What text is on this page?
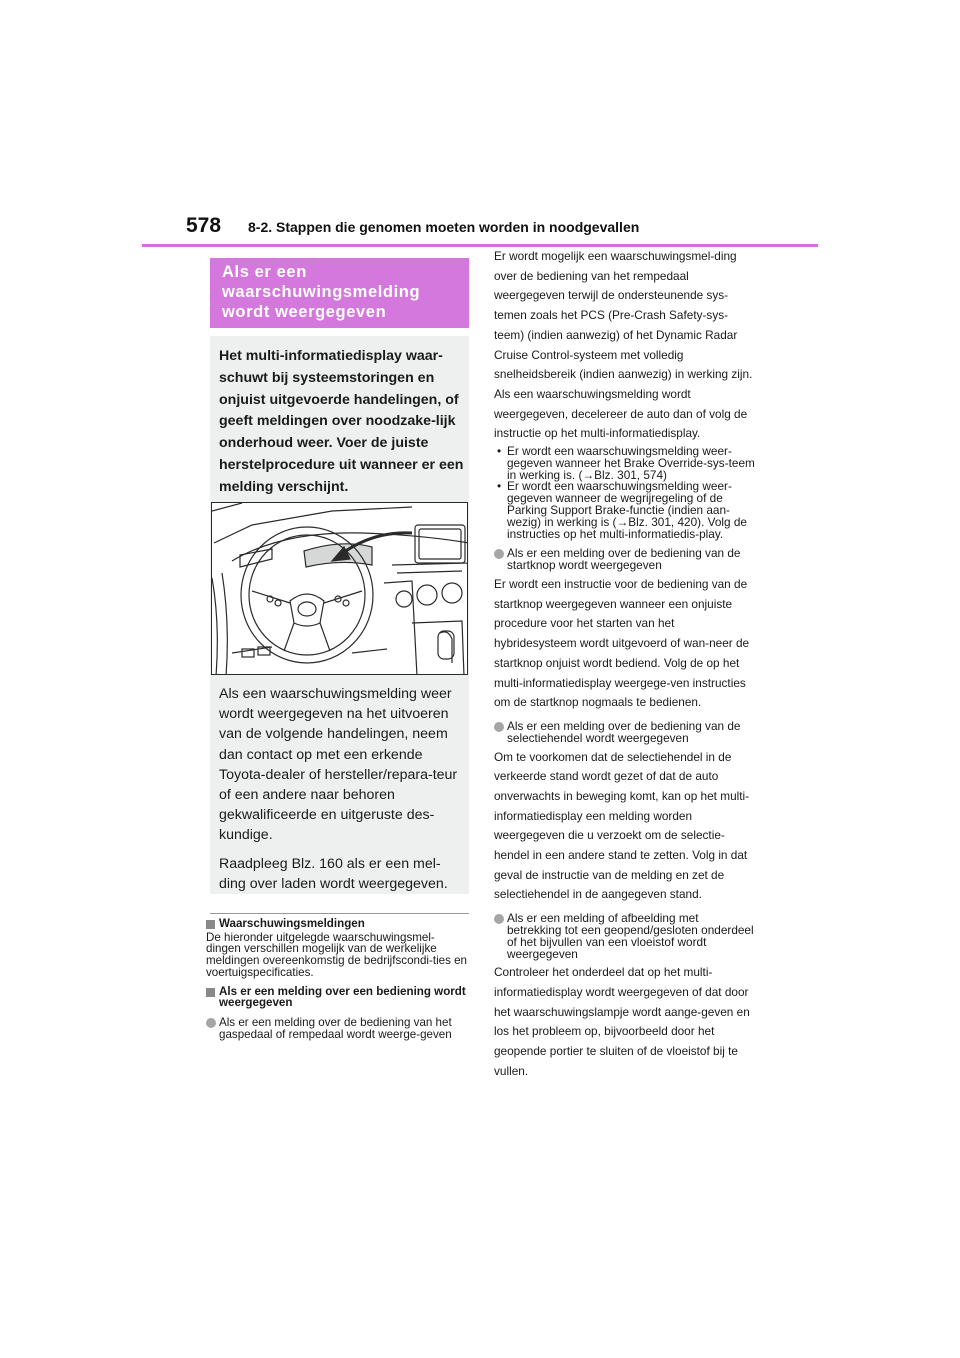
578 8-2. Stappen die genomen moeten worden in noodgevallen
Als er een waarschuwingsmelding wordt weergegeven
Het multi-informatiedisplay waar-schuwt bij systeemstoringen en onjuist uitgevoerde handelingen, of geeft meldingen over noodzake-lijk onderhoud weer. Voer de juiste herstelprocedure uit wanneer er een melding verschijnt.

Als een waarschuwingsmelding weer wordt weergegeven na het uitvoeren van de volgende handelingen, neem dan contact op met een erkende Toyota-dealer of hersteller/repara-teur of een andere naar behoren gekwalificeerde en uitgeruste des-kundige.

Raadpleeg Blz. 160 als er een mel-ding over laden wordt weergegeven.

Waarschuwingsmeldingen

De hieronder uitgelegde waarschuwingsmel-dingen verschillen mogelijk van de werkelijke meldingen overeenkomstig de bedrijfscondi-ties en voertuigspecificaties.

Als er een melding over een bediening wordt weergegeven
Als er een melding over de bediening van het gaspedaal of rempedaal wordt weerge-geven

Er wordt mogelijk een waarschuwingsmel-ding over de bediening van het rempedaal weergegeven terwijl de ondersteunende sys-temen zoals het PCS (Pre-Crash Safety-sys-teem) (indien aanwezig) of het Dynamic Radar Cruise Control-systeem met volledig snelheidsbereik (indien aanwezig) in werking zijn. Als een waarschuwingsmelding wordt weergegeven, decelereer de auto dan of volg de instructie op het multi-informatiedisplay.

• Er wordt een waarschuwingsmelding weer-gegeven wanneer het Brake Override-sys-teem in werking is. (→Blz. 301, 574)
• Er wordt een waarschuwingsmelding weer-gegeven wanneer de wegrijregeling of de Parking Support Brake-functie (indien aan-wezig) in werking is (→Blz. 301, 420). Volg de instructies op het multi-informatiedis-play.
Als er een melding over de bediening van de startknop wordt weergegeven

Er wordt een instructie voor de bediening van de startknop weergegeven wanneer een onjuiste procedure voor het starten van het hybridesysteem wordt uitgevoerd of wan-neer de startknop onjuist wordt bediend. Volg de op het multi-informatiedisplay weergege-ven instructies om de startknop nogmaals te bedienen.

Als er een melding over de bediening van de selectiehendel wordt weergegeven

Om te voorkomen dat de selectiehendel in de verkeerde stand wordt gezet of dat de auto onverwachts in beweging komt, kan op het multi-informatiedisplay een melding worden weergegeven die u verzoekt om de selectie-hendel in een andere stand te zetten. Volg in dat geval de instructie van de melding en zet de selectiehendel in de aangegeven stand.

Als er een melding of afbeelding met betrekking tot een geopend/gesloten onderdeel of het bijvullen van een vloeistof wordt weergegeven

Controleer het onderdeel dat op het multi-informatiedisplay wordt weergegeven of dat door het waarschuwingslampje wordt aange-geven en los het probleem op, bijvoorbeeld door het geopende portier te sluiten of de vloeistof bij te vullen.
